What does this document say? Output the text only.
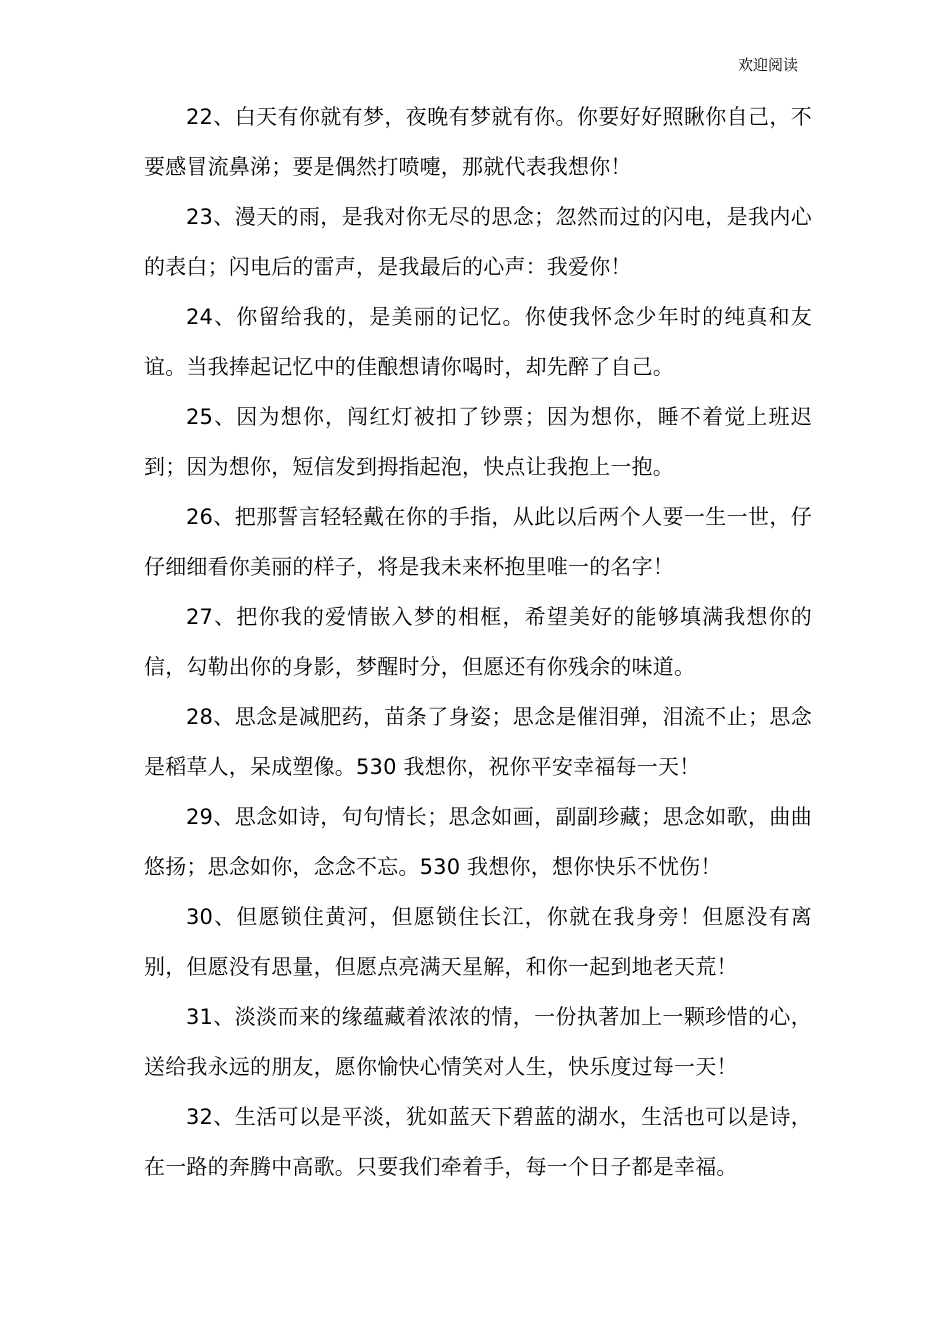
欢迎阅读

22、白天有你就有梦，夜晚有梦就有你。你要好好照瞅你自己，不要感冒流鼻涕；要是偶然打喷嚏，那就代表我想你！

23、漫天的雨，是我对你无尽的思念；忽然而过的闪电，是我内心的表白；闪电后的雷声，是我最后的心声：我爱你！

24、你留给我的，是美丽的记忆。你使我怀念少年时的纯真和友谊。当我捧起记忆中的佳酿想请你喝时，却先醉了自己。

25、因为想你，闯红灯被扣了钞票；因为想你，睡不着觉上班迟到；因为想你，短信发到拇指起泡，快点让我抱上一抱。

26、把那誓言轻轻戴在你的手指，从此以后两个人要一生一世，仔仔细细看你美丽的样子，将是我未来杯抱里唯一的名字！

27、把你我的爱情嵌入梦的相框，希望美好的能够填满我想你的信，勾勒出你的身影，梦醒时分，但愿还有你残余的味道。

28、思念是减肥药，苗条了身姿；思念是催泪弹，泪流不止；思念是稻草人，呆成塑像。530 我想你，祝你平安幸福每一天！

29、思念如诗，句句情长；思念如画，副副珍藏；思念如歌，曲曲悠扬；思念如你，念念不忘。530 我想你，想你快乐不忧伤！

30、但愿锁住黄河，但愿锁住长江，你就在我身旁！但愿没有离别，但愿没有思量，但愿点亮满天星解，和你一起到地老天荒！

31、淡淡而来的缘蕴藏着浓浓的情，一份执著加上一颗珍惜的心，送给我永远的朋友，愿你愉快心情笑对人生，快乐度过每一天！

32、生活可以是平淡，犹如蓝天下碧蓝的湖水，生活也可以是诗，在一路的奔腾中高歌。只要我们牵着手，每一个日子都是幸福。
